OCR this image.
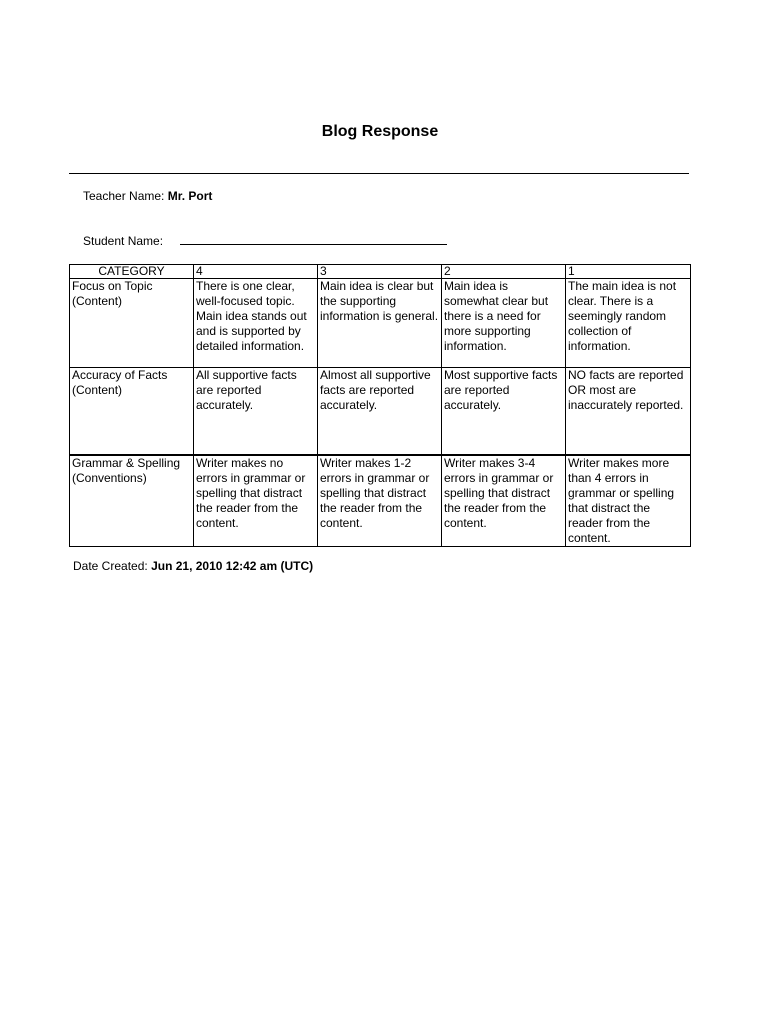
Blog Response
Teacher Name: Mr. Port
Student Name:
CATEGORY	4	3	2	1

Focus on Topic
(Content)	There is one clear, well-focused topic. Main idea stands out and is supported by detailed information.	Main idea is clear but the supporting information is general.	Main idea is somewhat clear but there is a need for more supporting information.	The main idea is not clear. There is a seemingly random collection of information.

Accuracy of Facts
(Content)	All supportive facts are reported accurately.	Almost all supportive facts are reported accurately.	Most supportive facts are reported accurately.	NO facts are reported OR most are inaccurately reported.

Grammar & Spelling
(Conventions)	Writer makes no errors in grammar or spelling that distract the reader from the content.	Writer makes 1-2 errors in grammar or spelling that distract the reader from the content.	Writer makes 3-4 errors in grammar or spelling that distract the reader from the content.	Writer makes more than 4 errors in grammar or spelling that distract the reader from the content.
Date Created: Jun 21, 2010 12:42 am (UTC)
